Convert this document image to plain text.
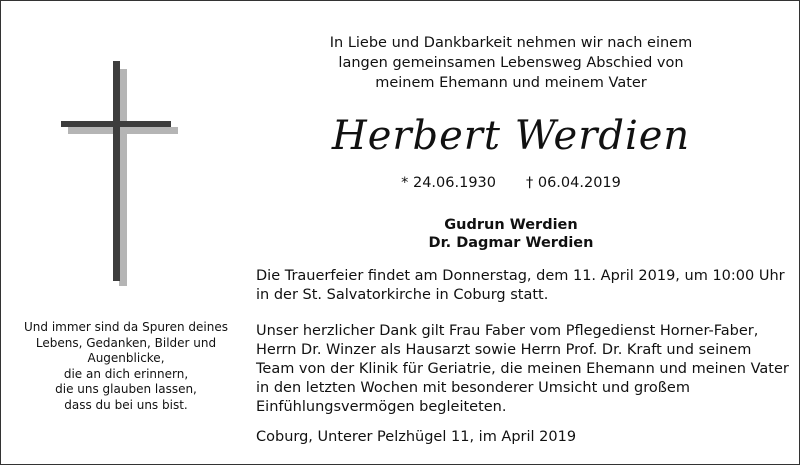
Und immer sind da Spuren deines
Lebens, Gedanken, Bilder und
Augenblicke,
die an dich erinnern,
die uns glauben lassen,
dass du bei uns bist.
In Liebe und Dankbarkeit nehmen wir nach einem
langen gemeinsamen Lebensweg Abschied von
meinem Ehemann und meinem Vater
Herbert Werdien
* 24.06.1930 † 06.04.2019
Gudrun Werdien
Dr. Dagmar Werdien
Die Trauerfeier findet am Donnerstag, dem 11. April 2019, um 10:00 Uhr
in der St. Salvatorkirche in Coburg statt.
Unser herzlicher Dank gilt Frau Faber vom Pflegedienst Horner-Faber,
Herrn Dr. Winzer als Hausarzt sowie Herrn Prof. Dr. Kraft und seinem
Team von der Klinik für Geriatrie, die meinen Ehemann und meinen Vater
in den letzten Wochen mit besonderer Umsicht und großem
Einfühlungsvermögen begleiteten.
Coburg, Unterer Pelzhügel 11, im April 2019
